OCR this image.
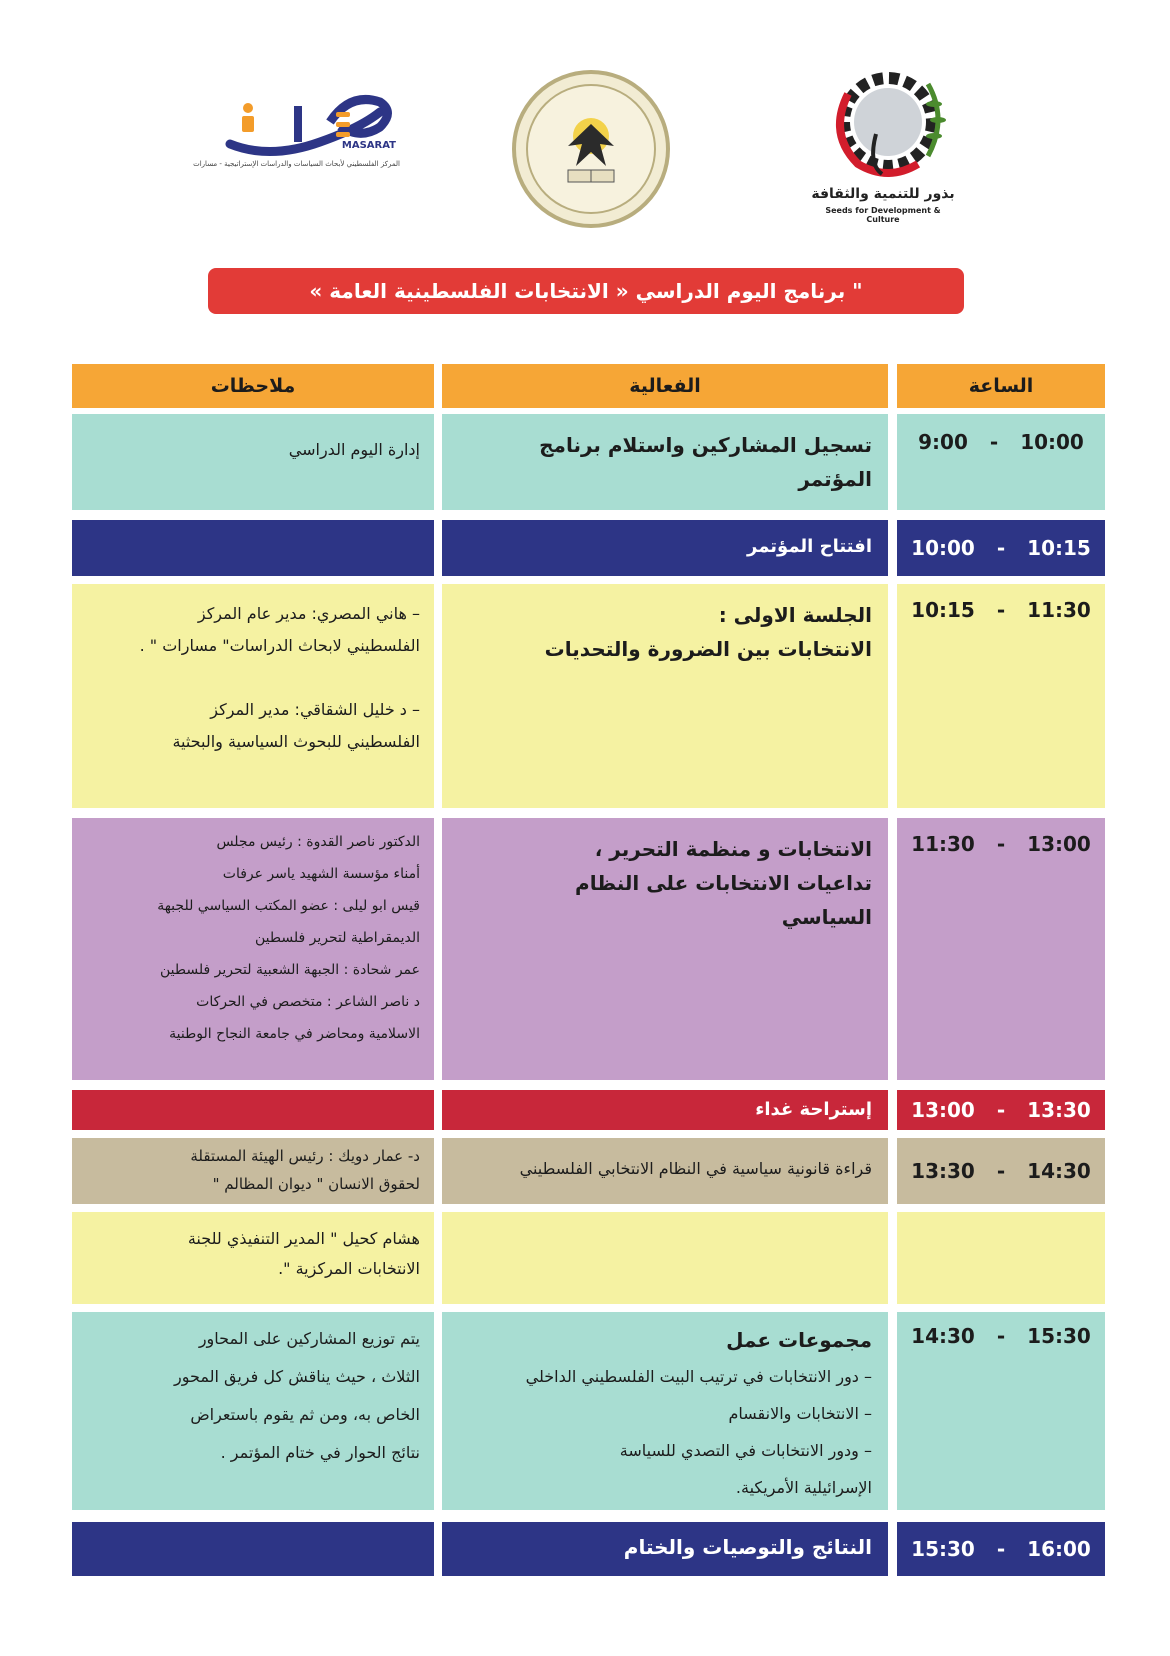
MASARAT
المركز الفلسطيني لأبحاث السياسات والدراسات الإستراتيجية - مسارات
بذور للتنمية والثقافة
Seeds for Development & Culture
" برنامج اليوم الدراسي « الانتخابات الفلسطينية العامة »
الساعة
الفعالية
ملاحظات
9:00 - 10:00
تسجيل المشاركين واستلام برنامج
المؤتمر
إدارة اليوم الدراسي
10:00 - 10:15
افتتاح المؤتمر
10:15 - 11:30
الجلسة الاولى :
الانتخابات بين الضرورة والتحديات
– هاني المصري: مدير عام المركز
الفلسطيني لابحاث الدراسات" مسارات " .
– د خليل الشقاقي: مدير المركز
الفلسطيني للبحوث السياسية والبحثية
11:30 - 13:00
الانتخابات و منظمة التحرير ،
تداعيات الانتخابات على النظام
السياسي
الدكتور ناصر القدوة : رئيس مجلس
أمناء مؤسسة الشهيد ياسر عرفات
قيس ابو ليلى : عضو المكتب السياسي للجبهة
الديمقراطية لتحرير فلسطين
عمر شحادة : الجبهة الشعبية لتحرير فلسطين
د ناصر الشاعر : متخصص في الحركات
الاسلامية ومحاضر في جامعة النجاح الوطنية
13:00 - 13:30
إستراحة غداء
13:30 - 14:30
قراءة قانونية سياسية في النظام الانتخابي الفلسطيني
د- عمار دويك : رئيس الهيئة المستقلة
لحقوق الانسان " ديوان المظالم "
هشام كحيل " المدير التنفيذي للجنة
الانتخابات المركزية ".
14:30 - 15:30
مجموعات عمل
– دور الانتخابات في ترتيب البيت الفلسطيني الداخلي
– الانتخابات والانقسام
– ودور الانتخابات في التصدي للسياسة
الإسرائيلية الأمريكية.
يتم توزيع المشاركين على المحاور
الثلاث ، حيث يناقش كل فريق المحور
الخاص به، ومن ثم يقوم باستعراض
نتائج الحوار في ختام المؤتمر .
15:30 - 16:00
النتائج والتوصيات والختام
